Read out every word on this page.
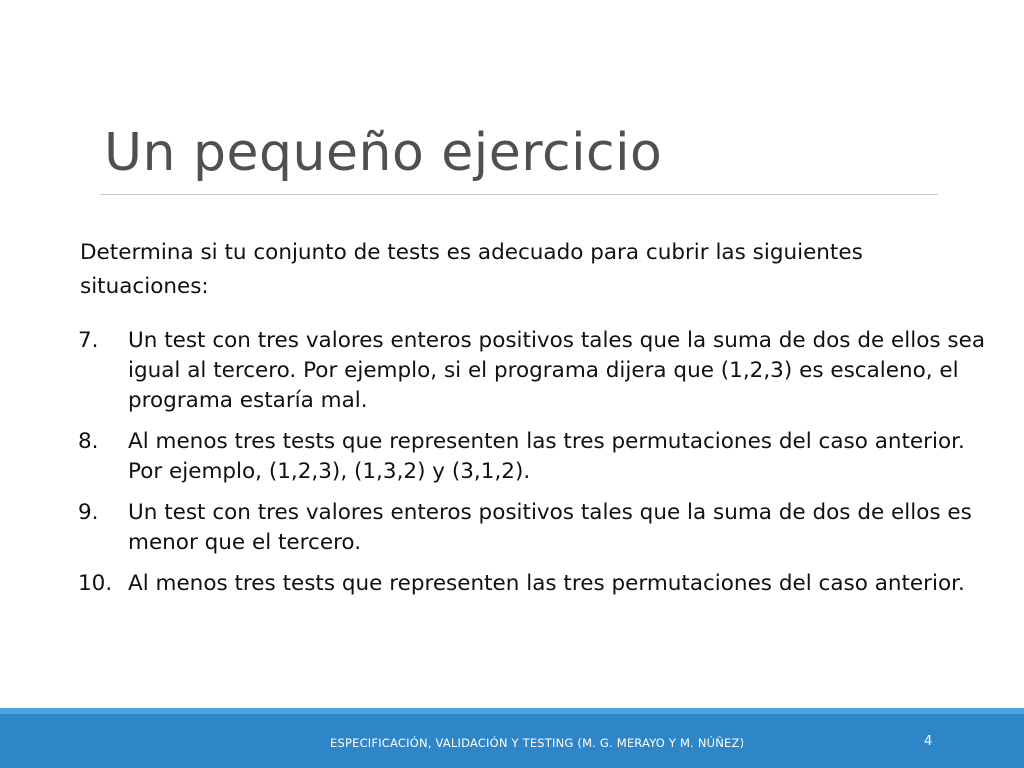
Un pequeño ejercicio
Determina si tu conjunto de tests es adecuado para cubrir las siguientes situaciones:
7.	Un test con tres valores enteros positivos tales que la suma de dos de ellos sea igual al tercero. Por ejemplo, si el programa dijera que (1,2,3) es escaleno, el programa estaría mal.
8.	Al menos tres tests que representen las tres permutaciones del caso anterior. Por ejemplo, (1,2,3), (1,3,2) y (3,1,2).
9.	Un test con tres valores enteros positivos tales que la suma de dos de ellos es menor que el tercero.
10. Al menos tres tests que representen las tres permutaciones del caso anterior.
ESPECIFICACIÓN, VALIDACIÓN Y TESTING (M. G. MERAYO Y M. NÚÑEZ)	4
